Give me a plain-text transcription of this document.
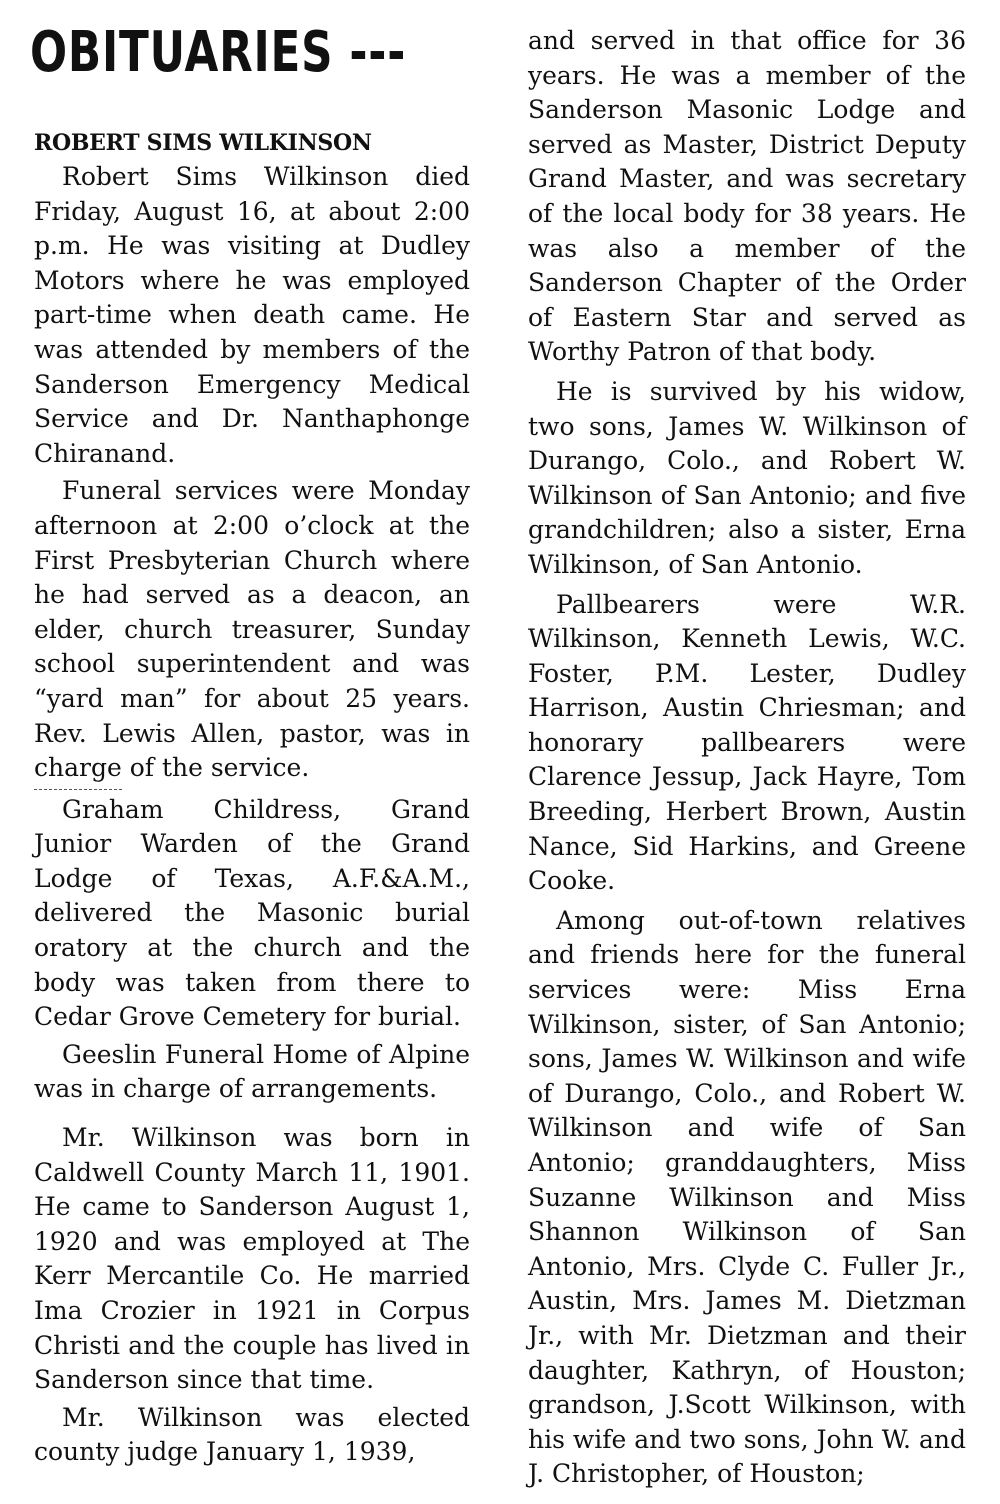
OBITUARIES ---
ROBERT SIMS WILKINSON

Robert Sims Wilkinson died Friday, August 16, at about 2:00 p.m. He was visiting at Dudley Motors where he was employed part-time when death came. He was attended by members of the Sanderson Emergency Medical Service and Dr. Nanthaphonge Chiranand.

Funeral services were Monday afternoon at 2:00 o’clock at the First Presbyterian Church where he had served as a deacon, an elder, church treasurer, Sunday school superintendent and was “yard man” for about 25 years. Rev. Lewis Allen, pastor, was in charge of the service.

Graham Childress, Grand Junior Warden of the Grand Lodge of Texas, A.F.&A.M., delivered the Masonic burial oratory at the church and the body was taken from there to Cedar Grove Cemetery for burial.

Geeslin Funeral Home of Alpine was in charge of arrangements.

Mr. Wilkinson was born in Caldwell County March 11, 1901. He came to Sanderson August 1, 1920 and was employed at The Kerr Mercantile Co. He married Ima Crozier in 1921 in Corpus Christi and the couple has lived in Sanderson since that time.

Mr. Wilkinson was elected county judge January 1, 1939,

and served in that office for 36 years. He was a member of the Sanderson Masonic Lodge and served as Master, District Deputy Grand Master, and was secretary of the local body for 38 years. He was also a member of the Sanderson Chapter of the Order of Eastern Star and served as Worthy Patron of that body.

He is survived by his widow, two sons, James W. Wilkinson of Durango, Colo., and Robert W. Wilkinson of San Antonio; and five grandchildren; also a sister, Erna Wilkinson, of San Antonio.

Pallbearers were W.R. Wilkinson, Kenneth Lewis, W.C. Foster, P.M. Lester, Dudley Harrison, Austin Chriesman; and honorary pallbearers were Clarence Jessup, Jack Hayre, Tom Breeding, Herbert Brown, Austin Nance, Sid Harkins, and Greene Cooke.

Among out-of-town relatives and friends here for the funeral services were: Miss Erna Wilkinson, sister, of San Antonio; sons, James W. Wilkinson and wife of Durango, Colo., and Robert W. Wilkinson and wife of San Antonio; granddaughters, Miss Suzanne Wilkinson and Miss Shannon Wilkinson of San Antonio, Mrs. Clyde C. Fuller Jr., Austin, Mrs. James M. Dietzman Jr., with Mr. Dietzman and their daughter, Kathryn, of Houston; grandson, J.Scott Wilkinson, with his wife and two sons, John W. and J. Christopher, of Houston;
